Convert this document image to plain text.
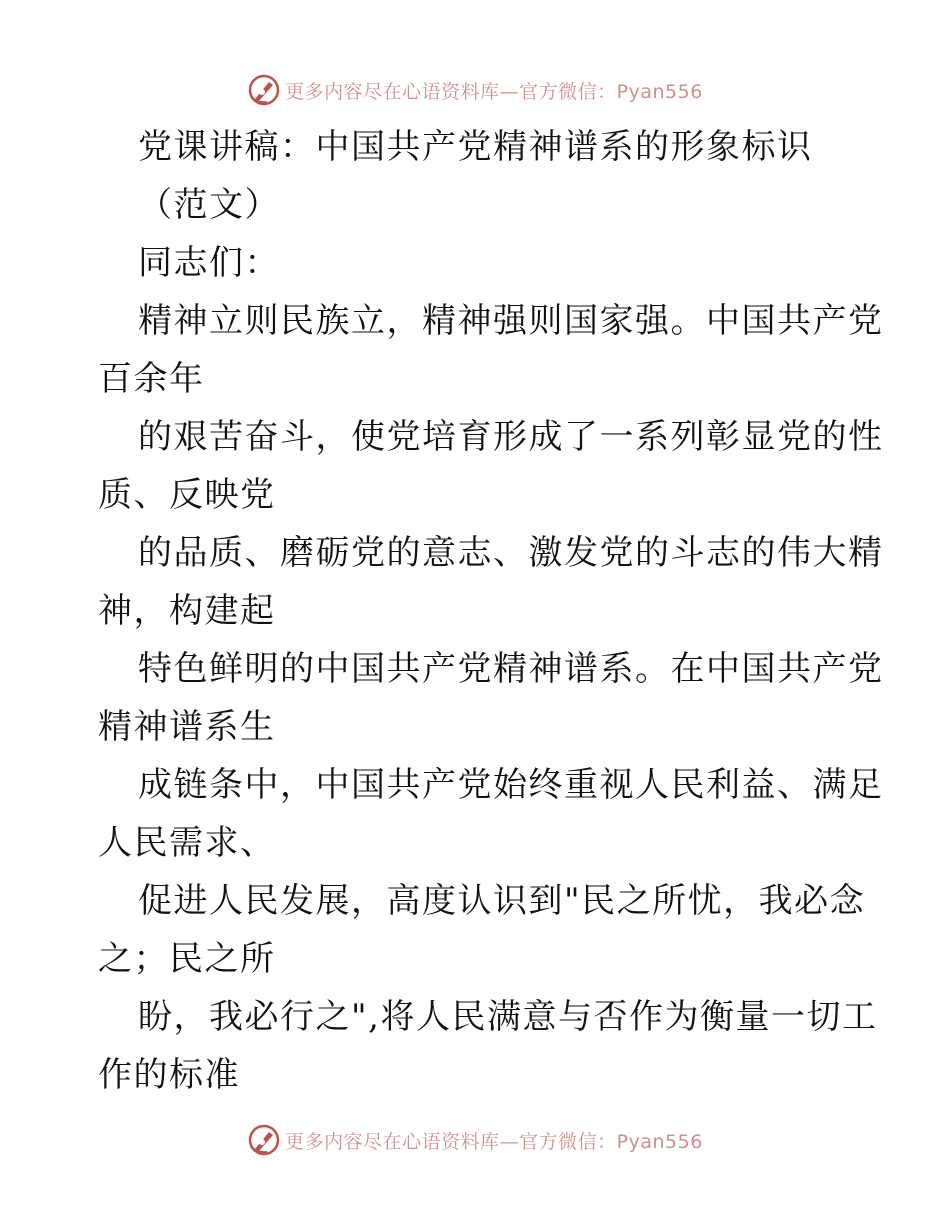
更多内容尽在心语资料库—官方微信：Pyan556
党课讲稿：中国共产党精神谱系的形象标识
（范文）
同志们：
精神立则民族立，精神强则国家强。中国共产党
百余年
的艰苦奋斗，使党培育形成了一系列彰显党的性
质、反映党
的品质、磨砺党的意志、激发党的斗志的伟大精
神，构建起
特色鲜明的中国共产党精神谱系。在中国共产党
精神谱系生
成链条中，中国共产党始终重视人民利益、满足
人民需求、
促进人民发展，高度认识到"民之所忧，我必念
之；民之所
盼，我必行之",将人民满意与否作为衡量一切工
作的标准
更多内容尽在心语资料库—官方微信：Pyan556
